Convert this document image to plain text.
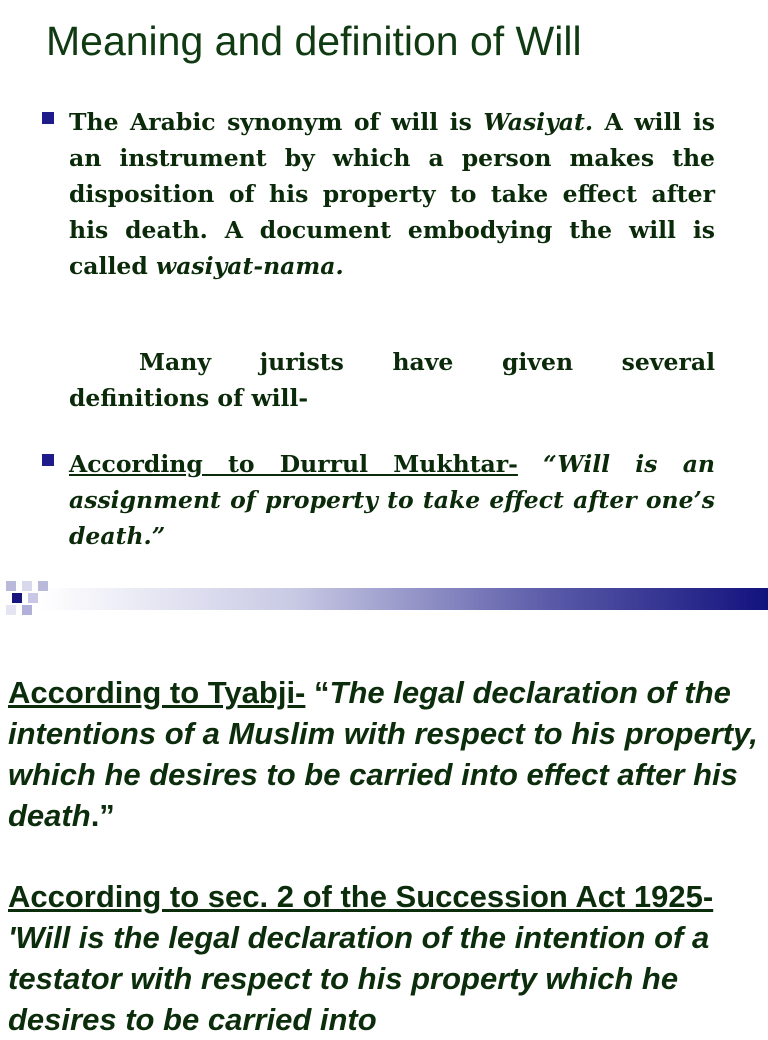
Meaning and definition of Will

The Arabic synonym of will is Wasiyat. A will is an instrument by which a person makes the disposition of his property to take effect after his death. A document embodying the will is called wasiyat-nama.

Many jurists have given several
definitions of will-

According to Durrul Mukhtar- “Will is an assignment of property to take effect after one’s death.”

According to Tyabji- “The legal declaration of the intentions of a Muslim with respect to his property, which he desires to be carried into effect after his death.”

According to sec. 2 of the Succession Act 1925-'Will is the legal declaration of the intention of a testator with respect to his property which he desires to be carried into
